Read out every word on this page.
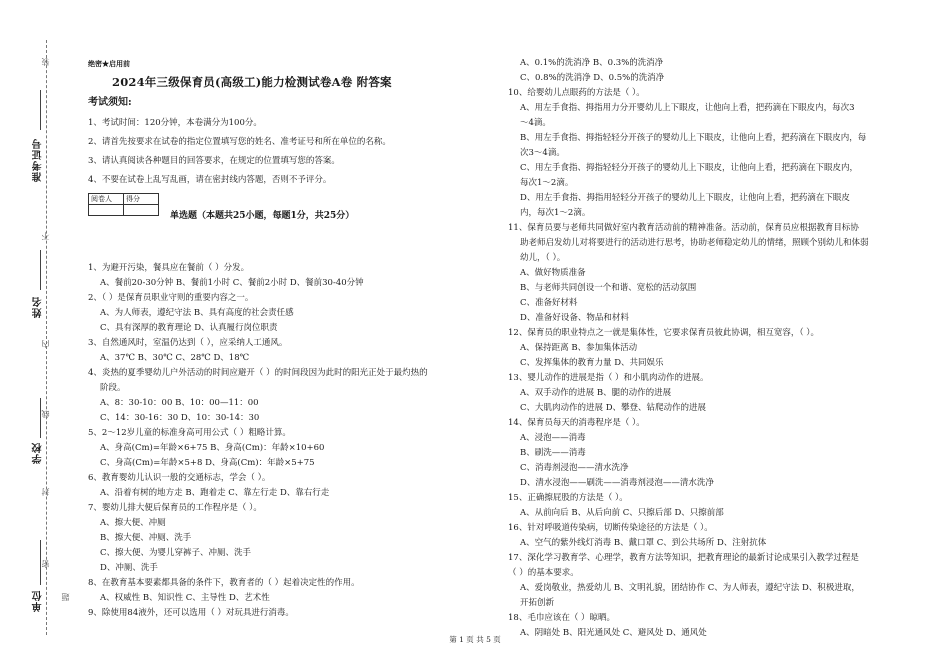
装
不
内
线
封
密
题
准考证号
姓名
学校
单位
绝密★启用前
2024年三级保育员(高级工)能力检测试卷A卷 附答案
考试须知:
1、考试时间：120分钟，本卷满分为100分。
2、请首先按要求在试卷的指定位置填写您的姓名、准考证号和所在单位的名称。
3、请认真阅读各种题目的回答要求，在规定的位置填写您的答案。
4、不要在试卷上乱写乱画，请在密封线内答题，否则不予评分。
阅卷人	得分

单选题（本题共25小题，每题1分，共25分）
1、为避开污染，餐具应在餐前（ ）分发。
A、餐前20-30分钟 B、餐前1小时 C、餐前2小时 D、餐前30-40分钟
2、（ ）是保育员职业守则的重要内容之一。
A、为人师表，遵纪守法 B、具有高度的社会责任感
C、具有深厚的教育理论 D、认真履行岗位职责
3、自然通风时，室温仍达到（ ），应采纳人工通风。
A、37℃ B、30℃ C、28℃ D、18℃
4、炎热的夏季婴幼儿户外活动的时间应避开（ ）的时间段因为此时的阳光正处于最灼热的
阶段。
A、8：30-10：00 B、10：00—11：00
C、14：30-16：30 D、10：30-14：30
5、2～12岁儿童的标准身高可用公式（ ）粗略计算。
A、身高(Cm)=年龄×6+75 B、身高(Cm)：年龄×10+60
C、身高(Cm)=年龄×5+8 D、身高(Cm)：年龄×5+75
6、教育婴幼儿认识一般的交通标志，学会（ ）。
A、沿着有树的地方走 B、跑着走 C、靠左行走 D、靠右行走
7、婴幼儿排大便后保育员的工作程序是（ ）。
A、擦大便、冲厕
B、擦大便、冲厕、洗手
C、擦大便、为婴儿穿裤子、冲厕、洗手
D、冲厕、洗手
8、在教育基本要素都具备的条件下，教育者的（ ）起着决定性的作用。
A、权威性 B、知识性 C、主导性 D、艺术性
9、除使用84液外，还可以选用（ ）对玩具进行消毒。
A、0.1%的洗消净 B、0.3%的洗消净
C、0.8%的洗消净 D、0.5%的洗消净
10、给婴幼儿点眼药的方法是（ ）。
A、用左手食指、拇指用力分开婴幼儿上下眼皮，让他向上看，把药滴在下眼皮内，每次3
～4滴。
B、用左手食指、拇指轻轻分开孩子的婴幼儿上下眼皮，让他向上看，把药滴在下眼皮内，每
次3～4滴。
C、用左手食指、拇指轻轻分开孩子的婴幼儿上下眼皮，让他向上看，把药滴在下眼皮内，
每次1～2滴。
D、用左手食指、拇指用轻轻分开孩子的婴幼儿上下眼皮，让他向上看，把药滴在下眼皮
内，每次1～2滴。
11、保育员要与老师共同做好室内教育活动前的精神准备。活动前，保育员应根据教育目标协
助老师启发幼儿对将要进行的活动进行思考，协助老师稳定幼儿的情绪，照顾个别幼儿和体弱
幼儿，（ ）。
A、做好物质准备
B、与老师共同创设一个和谐、宽松的活动氛围
C、准备好材料
D、准备好设备、物品和材料
12、保育员的职业特点之一就是集体性，它要求保育员彼此协调，相互宽容，（ ）。
A、保持距离 B、参加集体活动
C、发挥集体的教育力量 D、共同娱乐
13、婴儿动作的进展是指（ ）和小肌肉动作的进展。
A、双手动作的进展 B、腿的动作的进展
C、大肌肉动作的进展 D、攀登、钻爬动作的进展
14、保育员每天的消毒程序是（ ）。
A、浸泡——消毒
B、刷洗——消毒
C、消毒剂浸泡——清水洗净
D、清水浸泡——刷洗——消毒剂浸泡——清水洗净
15、正确擦屁股的方法是（ ）。
A、从前向后 B、从后向前 C、只擦后部 D、只擦前部
16、针对呼吸道传染病，切断传染途径的方法是（ ）。
A、空气的紫外线灯消毒 B、戴口罩 C、到公共场所 D、注射抗体
17、深化学习教育学、心理学，教育方法等知识，把教育理论的最新讨论成果引入教学过程是
（ ）的基本要求。
A、爱岗敬业，热爱幼儿 B、文明礼貌，团结协作 C、为人师表，遵纪守法 D、积极进取，
开拓创新
18、毛巾应该在（ ）晾晒。
A、阴暗处 B、阳光通风处 C、避风处 D、通风处
第 1 页 共 5 页
